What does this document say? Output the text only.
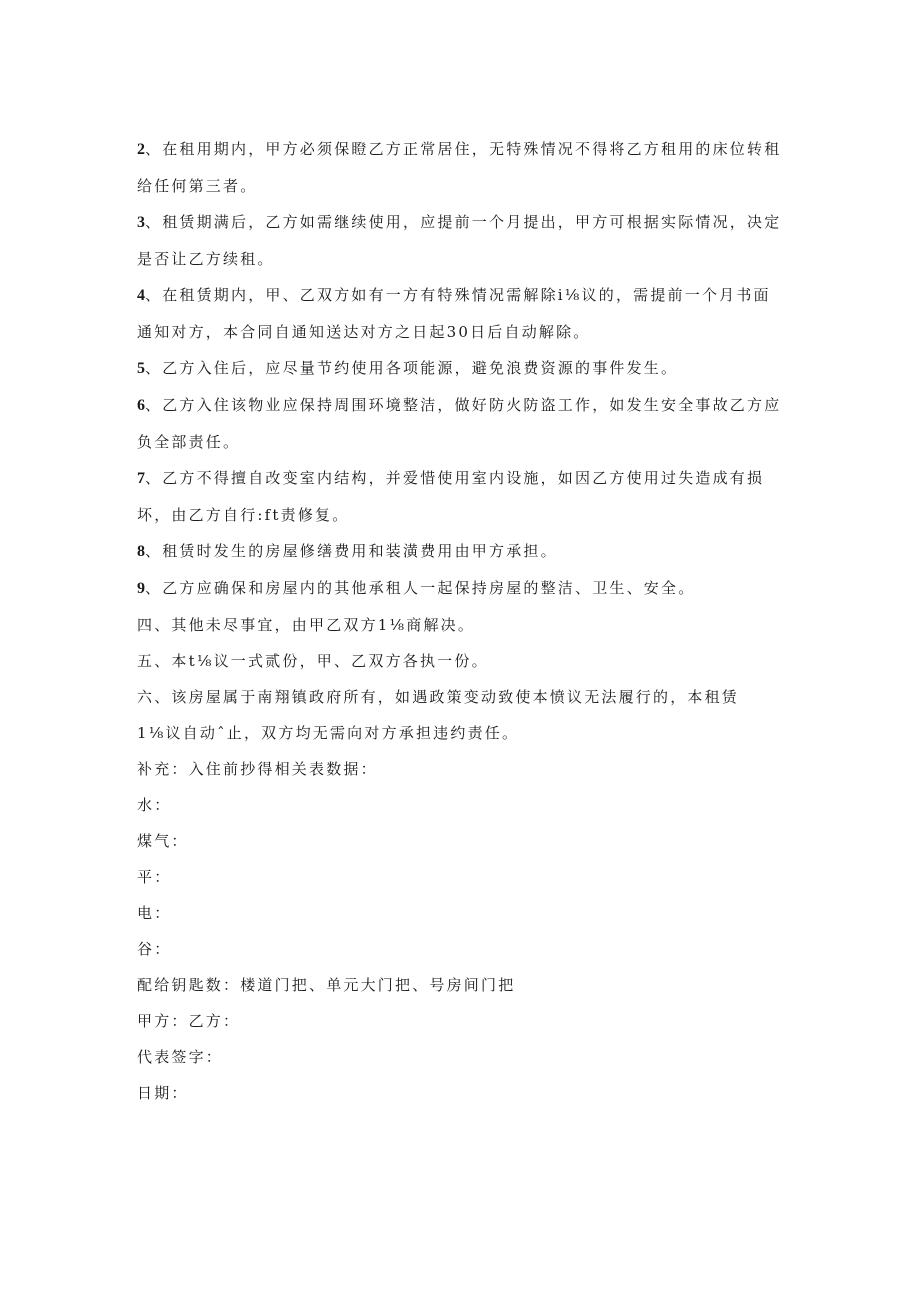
2、在租用期内，甲方必须保瞪乙方正常居住，无特殊情况不得将乙方租用的床位转租
给任何第三者。
3、租赁期满后，乙方如需继续使用，应提前一个月提出，甲方可根据实际情况，决定
是否让乙方续租。
4、在租赁期内，甲、乙双方如有一方有特殊情况需解除i⅛议的，需提前一个月书面
通知对方，本合同自通知送达对方之日起30日后自动解除。
5、乙方入住后，应尽量节约使用各项能源，避免浪费资源的事件发生。
6、乙方入住该物业应保持周围环境整洁，做好防火防盗工作，如发生安全事故乙方应
负全部责任。
7、乙方不得擅自改变室内结构，并爱惜使用室内设施，如因乙方使用过失造成有损
坏，由乙方自行:ft责修复。
8、租赁时发生的房屋修缮费用和装潢费用由甲方承担。
9、乙方应确保和房屋内的其他承租人一起保持房屋的整洁、卫生、安全。
四、其他未尽事宜，由甲乙双方1⅛商解决。
五、本t⅛议一式贰份，甲、乙双方各执一份。
六、该房屋属于南翔镇政府所有，如遇政策变动致使本愤议无法履行的，本租赁
1⅛议自动ˆ止，双方均无需向对方承担违约责任。

补充：入住前抄得相关表数据：

水：

煤气：

平：

电：

谷：

配给钥匙数：楼道门把、单元大门把、号房间门把

甲方：乙方：

代表签字：

日期：
